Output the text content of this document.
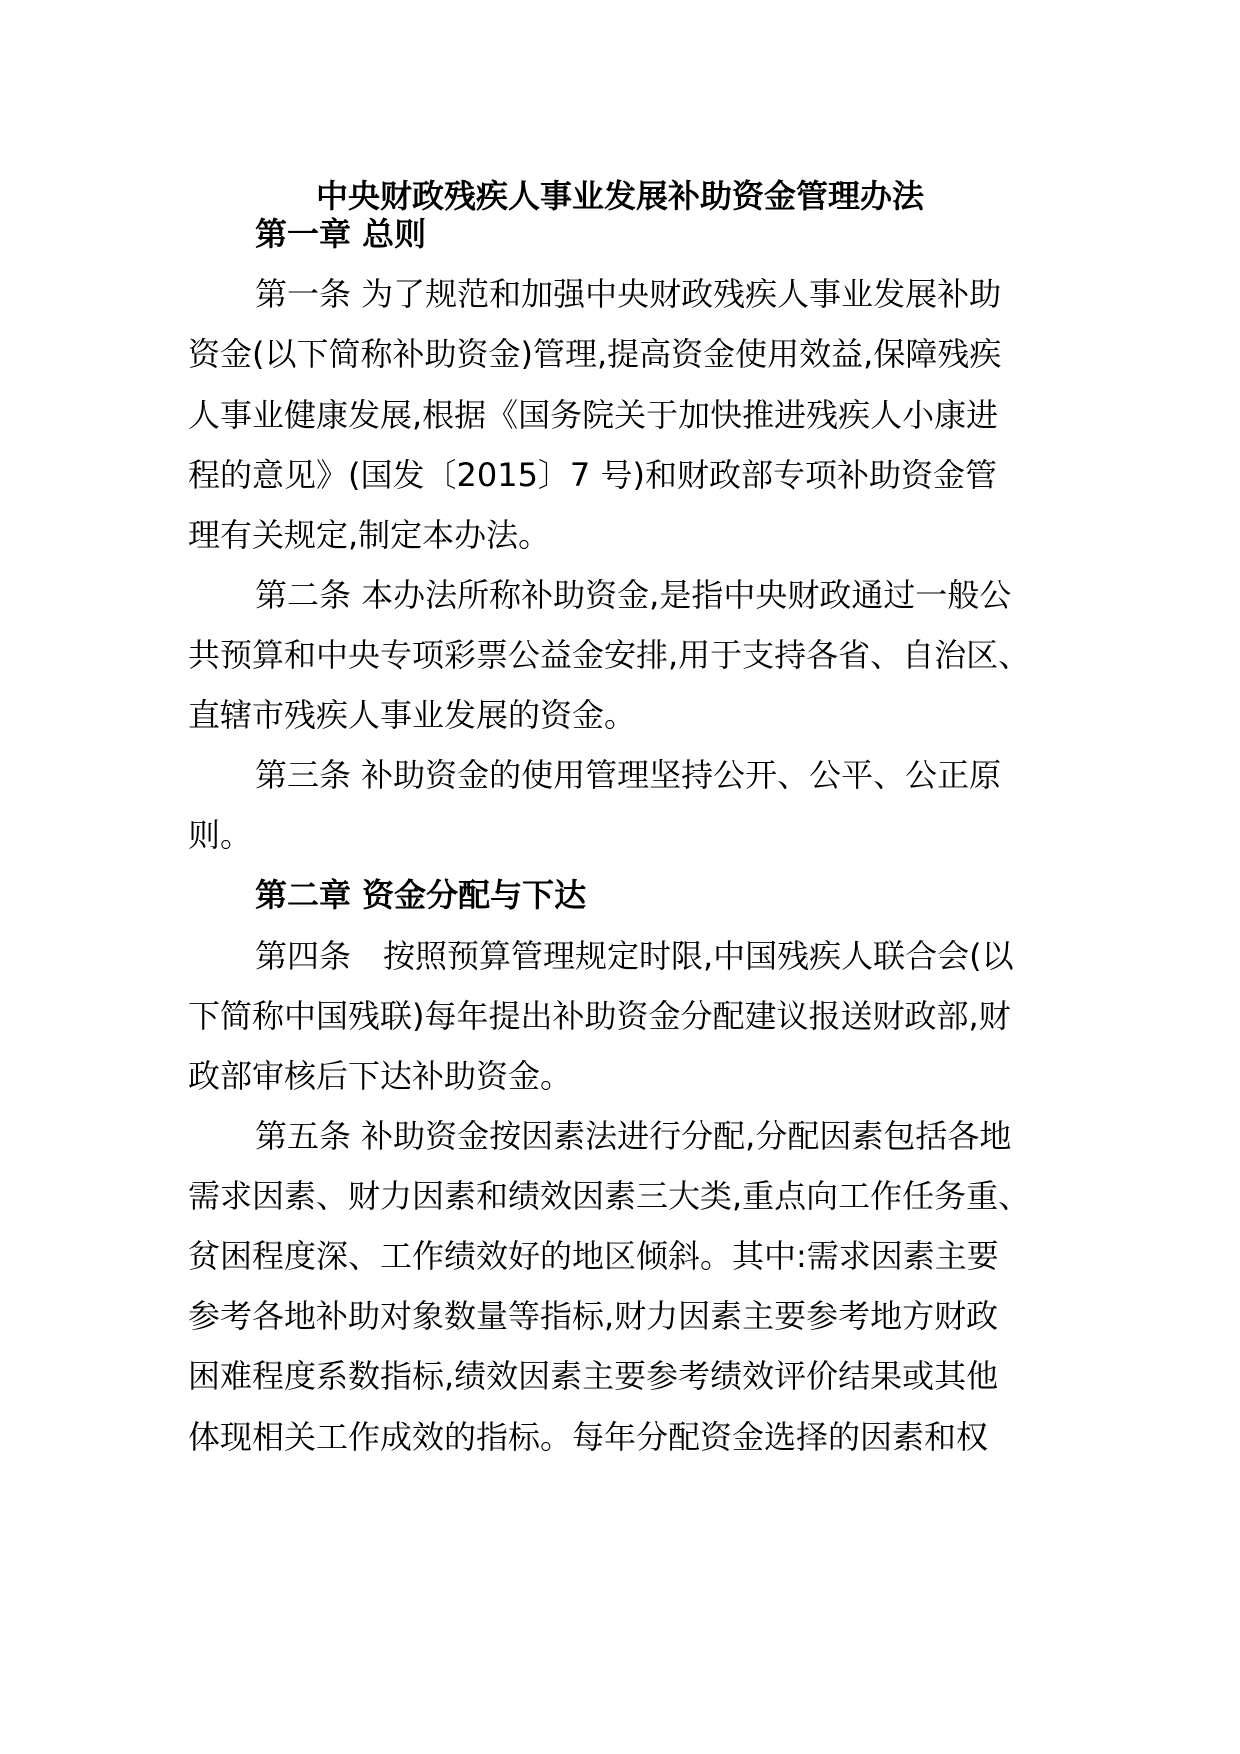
中央财政残疾人事业发展补助资金管理办法
第一章 总则

第一条 为了规范和加强中央财政残疾人事业发展补助

资金(以下简称补助资金)管理,提高资金使用效益,保障残疾

人事业健康发展,根据《国务院关于加快推进残疾人小康进

程的意见》(国发〔2015〕7 号)和财政部专项补助资金管

理有关规定,制定本办法。

第二条 本办法所称补助资金,是指中央财政通过一般公

共预算和中央专项彩票公益金安排,用于支持各省、自治区、

直辖市残疾人事业发展的资金。

第三条 补助资金的使用管理坚持公开、公平、公正原

则。

第二章 资金分配与下达

第四条　按照预算管理规定时限,中国残疾人联合会(以

下简称中国残联)每年提出补助资金分配建议报送财政部,财

政部审核后下达补助资金。

第五条 补助资金按因素法进行分配,分配因素包括各地

需求因素、财力因素和绩效因素三大类,重点向工作任务重、

贫困程度深、工作绩效好的地区倾斜。其中:需求因素主要

参考各地补助对象数量等指标,财力因素主要参考地方财政

困难程度系数指标,绩效因素主要参考绩效评价结果或其他

体现相关工作成效的指标。每年分配资金选择的因素和权
